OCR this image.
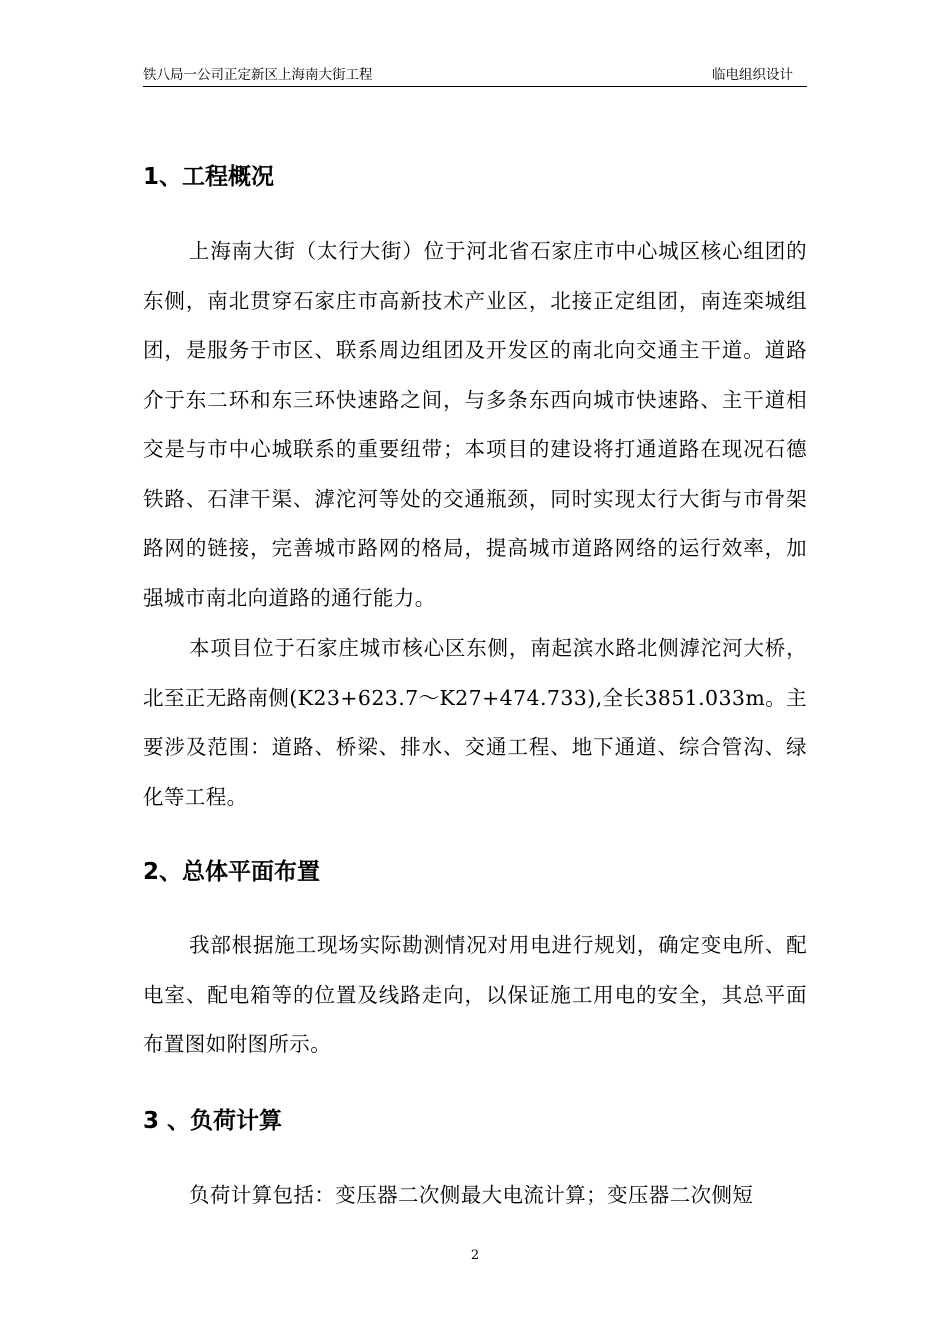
铁八局一公司正定新区上海南大街工程	临电组织设计
1、工程概况

上海南大街（太行大街）位于河北省石家庄市中心城区核心组团的东侧，南北贯穿石家庄市高新技术产业区，北接正定组团，南连栾城组团，是服务于市区、联系周边组团及开发区的南北向交通主干道。道路介于东二环和东三环快速路之间，与多条东西向城市快速路、主干道相交是与市中心城联系的重要纽带；本项目的建设将打通道路在现况石德铁路、石津干渠、滹沱河等处的交通瓶颈，同时实现太行大街与市骨架路网的链接，完善城市路网的格局，提高城市道路网络的运行效率，加强城市南北向道路的通行能力。

本项目位于石家庄城市核心区东侧，南起滨水路北侧滹沱河大桥，北至正无路南侧(K23+623.7～K27+474.733),全长3851.033m。主要涉及范围：道路、桥梁、排水、交通工程、地下通道、综合管沟、绿化等工程。

2、总体平面布置

我部根据施工现场实际勘测情况对用电进行规划，确定变电所、配电室、配电箱等的位置及线路走向，以保证施工用电的安全，其总平面布置图如附图所示。

3 、负荷计算

负荷计算包括：变压器二次侧最大电流计算；变压器二次侧短

2
